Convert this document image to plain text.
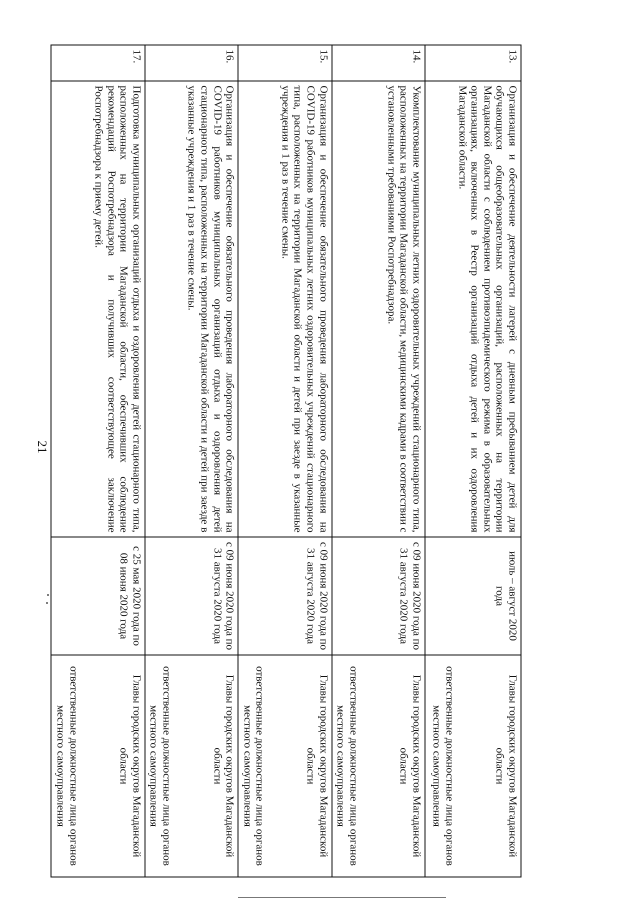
21
13.	Организация и обеспечение деятельности лагерей с дневным пребыванием детей для обучающихся общеобразовательных организаций, расположенных на территории Магаданской области с соблюдением противоэпидемического режима в образовательных организациях, включенных в Реестр организаций отдыха детей и их оздоровления Магаданской области.	июль – август 2020 года	Главы городских округов Магаданской области
ответственные должностные лица органов местного самоуправления

14.	Укомплектование муниципальных летних оздоровительных учреждений стационарного типа, расположенных на территории Магаданской области, медицинскими кадрами в соответствии с установленными требованиями Роспотребнадзора.	с 09 июня 2020 года по 31 августа 2020 года	Главы городских округов Магаданской области
ответственные должностные лица органов местного самоуправления

15.	Организация и обеспечение обязательного проведения лабораторного обследования на COVID-19 работников муниципальных летних оздоровительных учреждений стационарного типа, расположенных на территории Магаданской области и детей при заезде в указанные учреждения и 1 раз в течение смены.	с 09 июня 2020 года по 31 августа 2020 года	Главы городских округов Магаданской области
ответственные должностные лица органов местного самоуправления

16.	Организация и обеспечение обязательного проведения лабораторного обследования на COVID-19 работников муниципальных организаций отдыха и оздоровления детей стационарного типа, расположенных на территории Магаданской области и детей при заезде в указанные учреждения и 1 раз в течение смены.	с 09 июня 2020 года по 31 августа 2020 года	Главы городских округов Магаданской области
ответственные должностные лица органов местного самоуправления

17.	Подготовка муниципальных организаций отдыха и оздоровления детей стационарного типа, расположенных на территории Магаданской области, обеспечивших соблюдение рекомендаций Роспотребнадзора и получивших соответствующее заключение Роспотребнадзора к приему детей.	с 25 мая 2020 года по 08 июня 2020 года	Главы городских округов Магаданской области
ответственные должностные лица органов местного самоуправления
